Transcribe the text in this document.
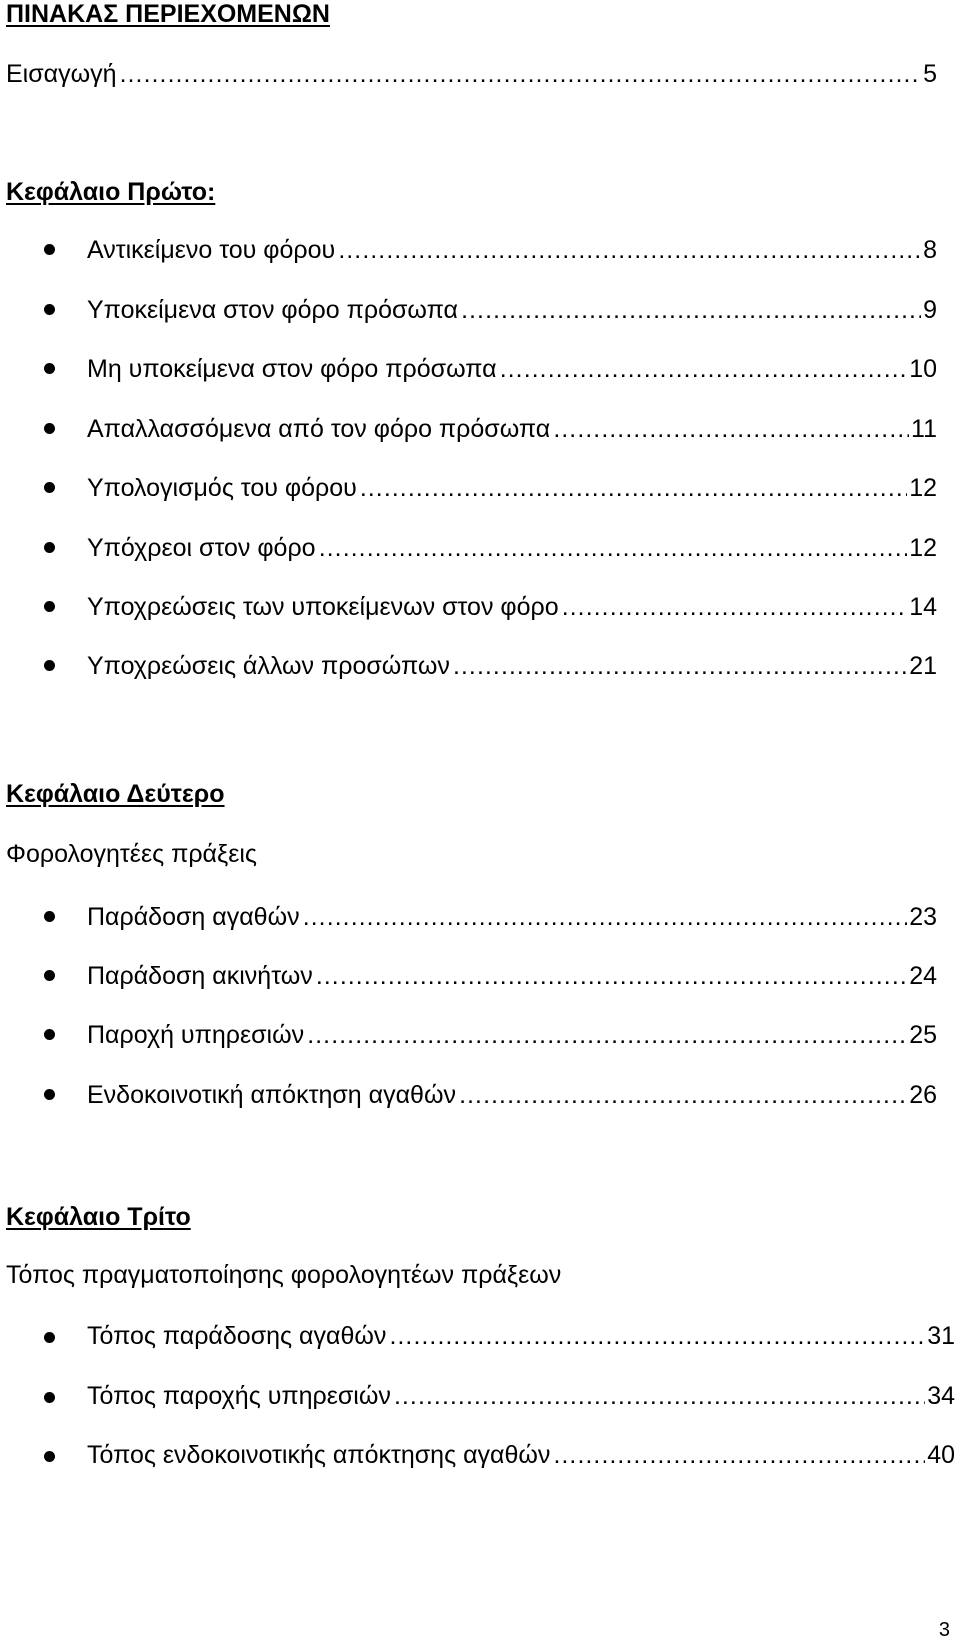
ΠΙΝΑΚΑΣ ΠΕΡΙΕΧΟΜΕΝΩΝ
Εισαγωγή ……………………………………………………………………………………………………………………………………	5
Κεφάλαιο Πρώτο:
Αντικείμενο του φόρου ……………………………………………………………………………………………………………………………………	8
Υποκείμενα στον φόρο πρόσωπα ……………………………………………………………………………………………………………………………………	9
Μη υποκείμενα στον φόρο πρόσωπα ……………………………………………………………………………………………………………………………………	10
Απαλλασσόμενα από τον φόρο πρόσωπα ……………………………………………………………………………………………………………………………………	11
Υπολογισμός του φόρου ……………………………………………………………………………………………………………………………………	12
Υπόχρεοι στον φόρο ……………………………………………………………………………………………………………………………………	12
Υποχρεώσεις των υποκείμενων στον φόρο ……………………………………………………………………………………………………………………………………	14
Υποχρεώσεις άλλων προσώπων ……………………………………………………………………………………………………………………………………	21
Κεφάλαιο Δεύτερο
Φορολογητέες πράξεις
Παράδοση αγαθών ……………………………………………………………………………………………………………………………………	23
Παράδοση ακινήτων ……………………………………………………………………………………………………………………………………	24
Παροχή υπηρεσιών ……………………………………………………………………………………………………………………………………	25
Ενδοκοινοτική απόκτηση αγαθών ……………………………………………………………………………………………………………………………………	26
Κεφάλαιο Τρίτο
Τόπος πραγματοποίησης φορολογητέων πράξεων
Τόπος παράδοσης αγαθών ……………………………………………………………………………………………………………………………………	31
Τόπος παροχής υπηρεσιών ……………………………………………………………………………………………………………………………………	34
Τόπος ενδοκοινοτικής απόκτησης αγαθών ……………………………………………………………………………………………………………………………………	40
3
